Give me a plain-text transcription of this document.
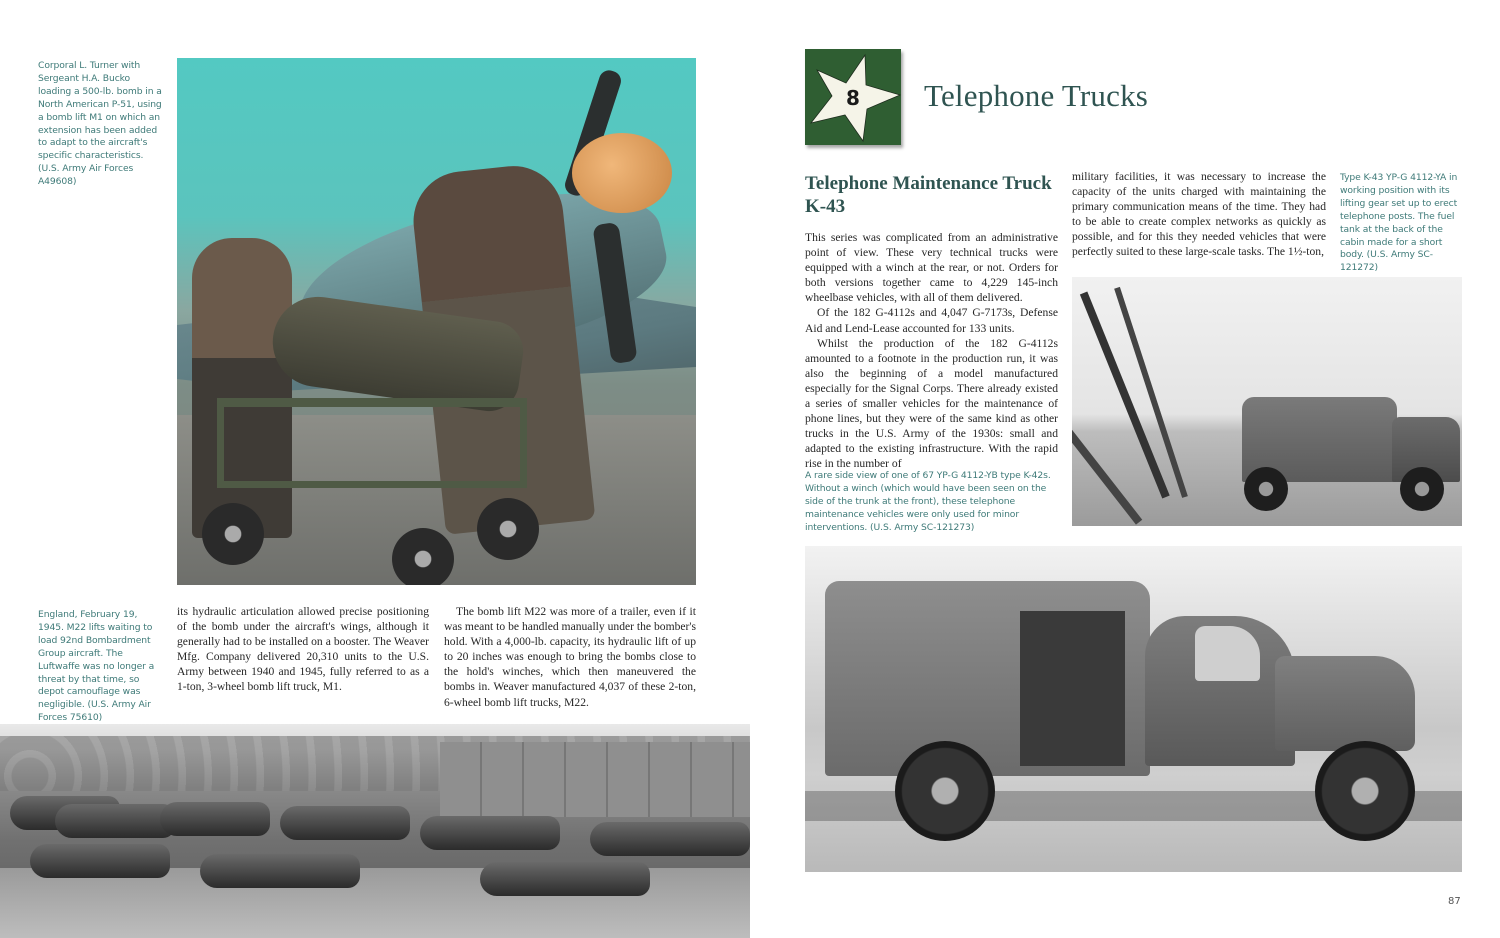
Corporal L. Turner with Sergeant H.A. Bucko loading a 500-lb. bomb in a North American P-51, using a bomb lift M1 on which an extension has been added to adapt to the aircraft's specific characteristics. (U.S. Army Air Forces A49608)
England, February 19, 1945. M22 lifts waiting to load 92nd Bombardment Group aircraft. The Luftwaffe was no longer a threat by that time, so depot camouflage was negligible. (U.S. Army Air Forces 75610)

its hydraulic articulation allowed precise positioning of the bomb under the aircraft's wings, although it generally had to be installed on a booster. The Weaver Mfg. Company delivered 20,310 units to the U.S. Army between 1940 and 1945, fully referred to as a 1-ton, 3-wheel bomb lift truck, M1.

The bomb lift M22 was more of a trailer, even if it was meant to be handled manually under the bomber's hold. With a 4,000-lb. capacity, its hydraulic lift of up to 20 inches was enough to bring the bombs close to the hold's winches, which then maneuvered the bombs in. Weaver manufactured 4,037 of these 2-ton, 6-wheel bomb lift trucks, M22.

8	Telephone Trucks
Telephone Maintenance Truck K-43

This series was complicated from an administrative point of view. These very technical trucks were equipped with a winch at the rear, or not. Orders for both versions together came to 4,229 145-inch wheelbase vehicles, with all of them delivered.

Of the 182 G-4112s and 4,047 G-7173s, Defense Aid and Lend-Lease accounted for 133 units.

Whilst the production of the 182 G-4112s amounted to a footnote in the production run, it was also the beginning of a model manufactured especially for the Signal Corps. There already existed a series of smaller vehicles for the maintenance of phone lines, but they were of the same kind as other trucks in the U.S. Army of the 1930s: small and adapted to the existing infrastructure. With the rapid rise in the number of

military facilities, it was necessary to increase the capacity of the units charged with maintaining the primary communication means of the time. They had to be able to create complex networks as quickly as possible, and for this they needed vehicles that were perfectly suited to these large-scale tasks. The 1½-ton,

Type K-43 YP-G 4112-YA in working position with its lifting gear set up to erect telephone posts. The fuel tank at the back of the cabin made for a short body. (U.S. Army SC-121272)
A rare side view of one of 67 YP-G 4112-YB type K-42s. Without a winch (which would have been seen on the side of the trunk at the front), these telephone maintenance vehicles were only used for minor interventions. (U.S. Army SC-121273)
87
